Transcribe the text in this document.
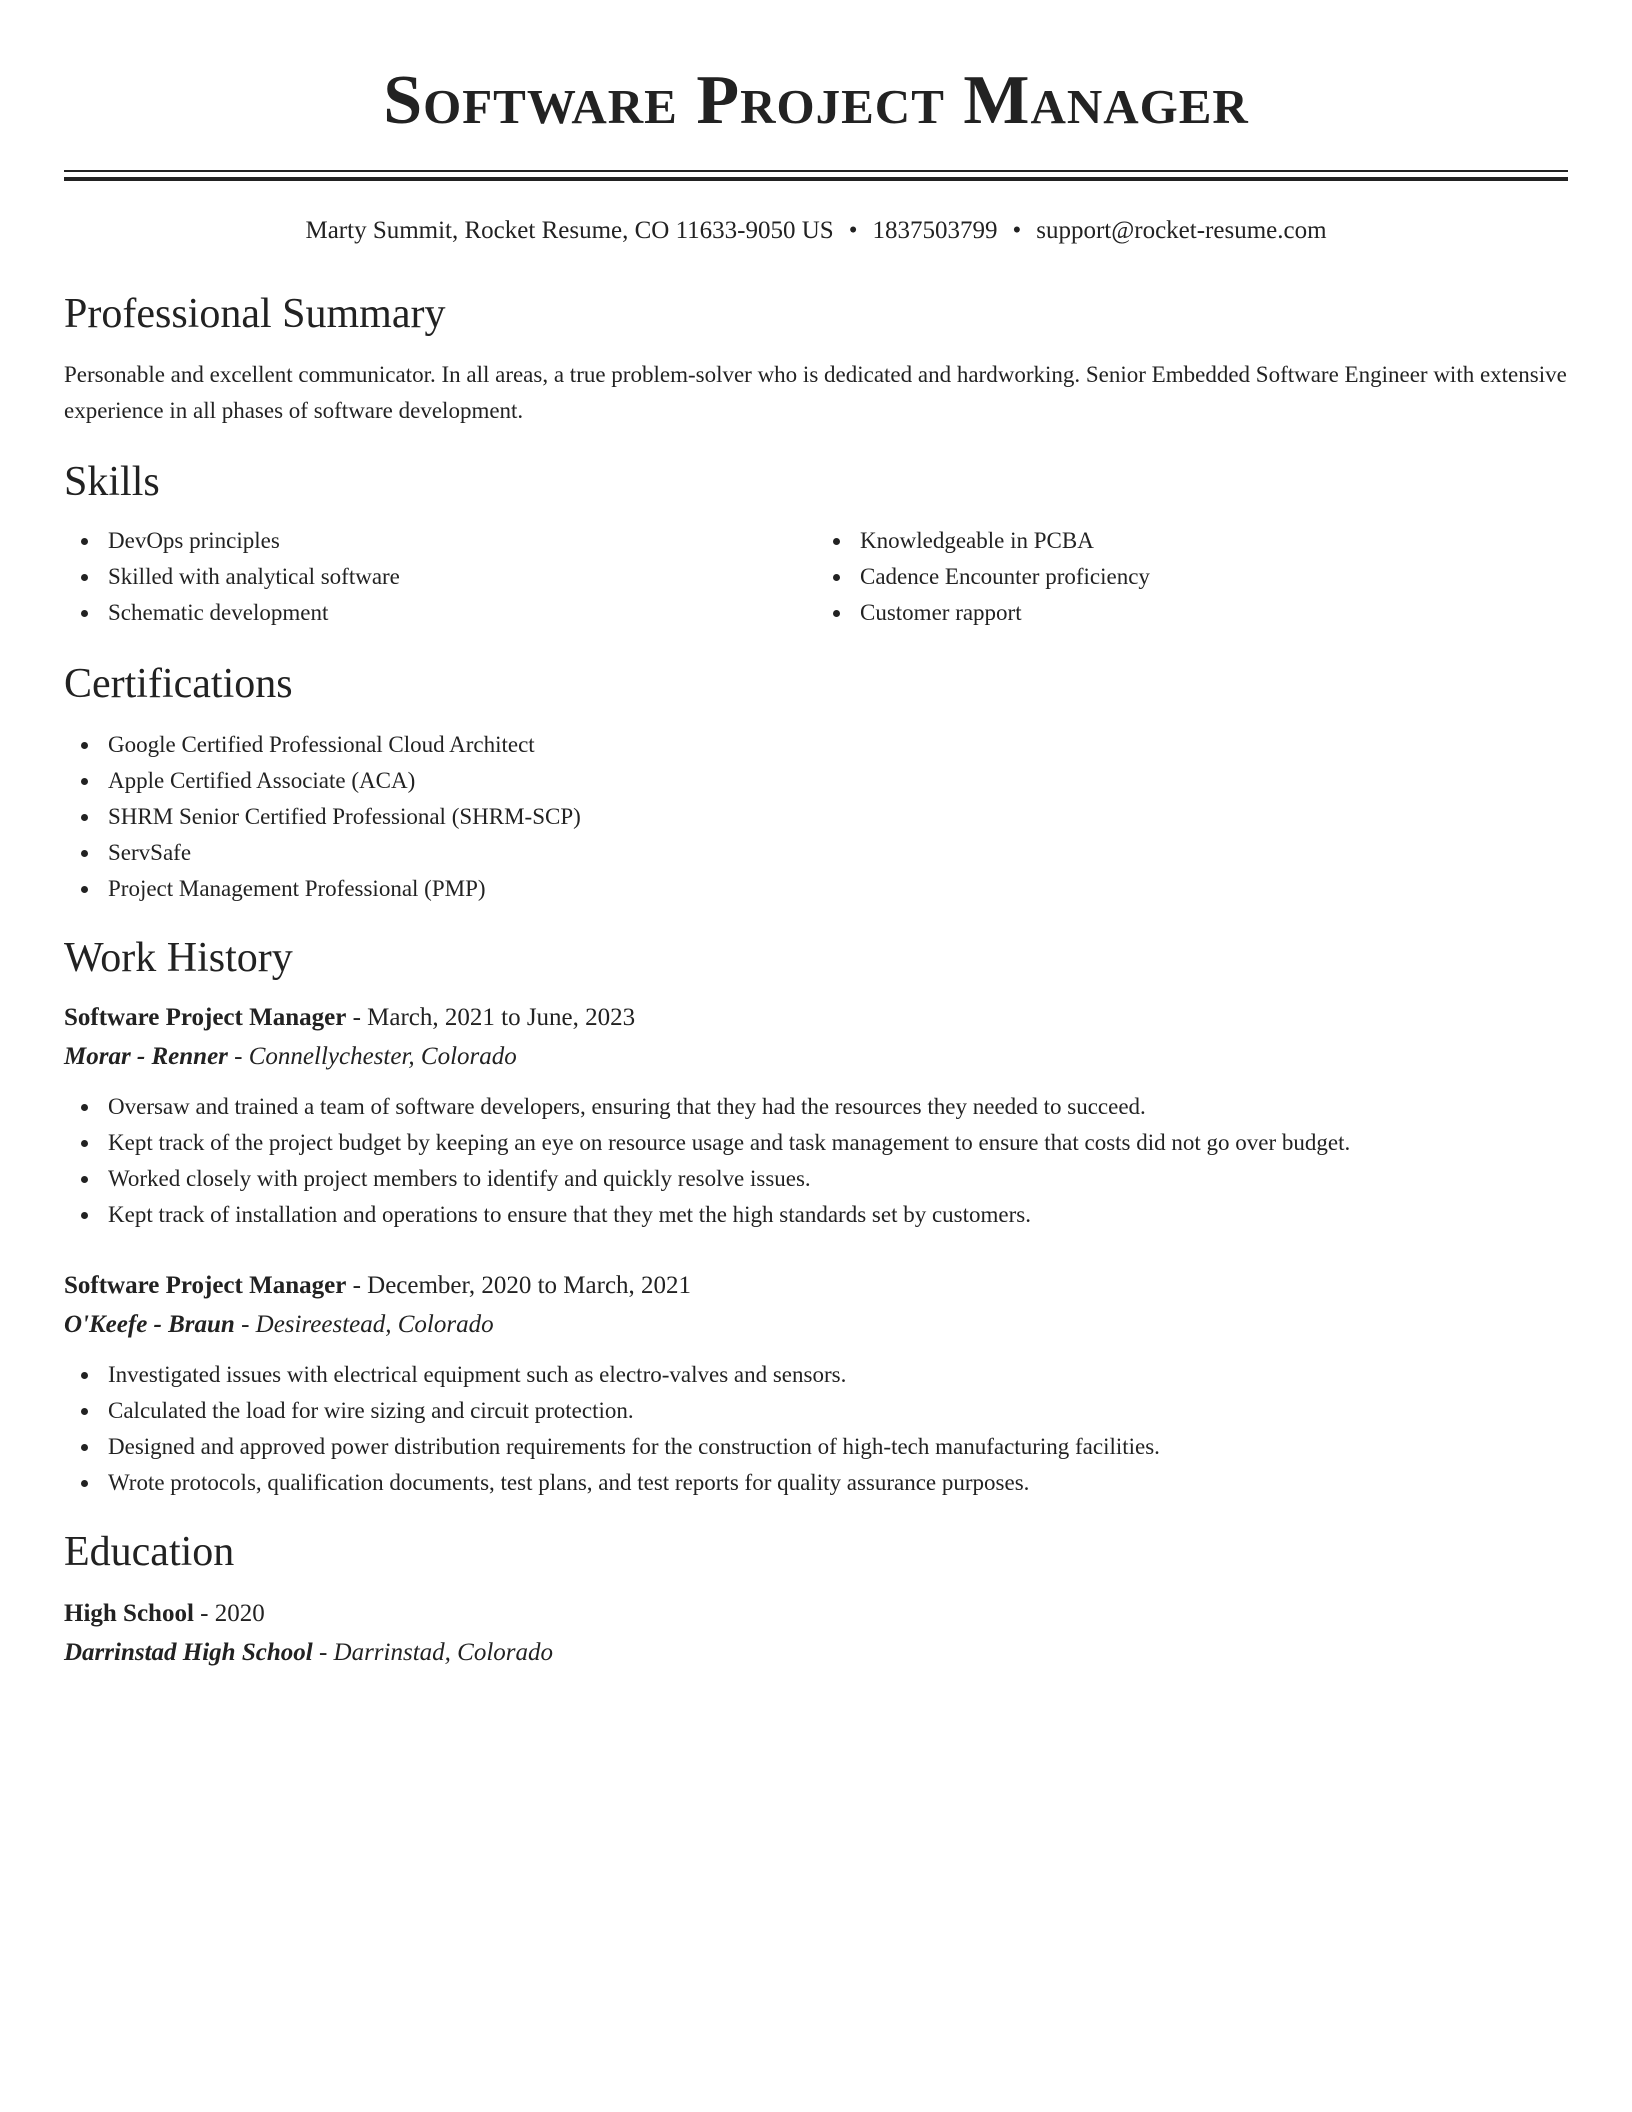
Software Project Manager
Marty Summit, Rocket Resume, CO 11633-9050 US • 1837503799 • support@rocket-resume.com
Professional Summary

Personable and excellent communicator. In all areas, a true problem-solver who is dedicated and hardworking. Senior Embedded Software Engineer with extensive experience in all phases of software development.

Skills
DevOps principles
Skilled with analytical software
Schematic development
Knowledgeable in PCBA
Cadence Encounter proficiency
Customer rapport
Certifications
Google Certified Professional Cloud Architect
Apple Certified Associate (ACA)
SHRM Senior Certified Professional (SHRM-SCP)
ServSafe
Project Management Professional (PMP)
Work History
Software Project Manager - March, 2021 to June, 2023
Morar - Renner - Connellychester, Colorado
Oversaw and trained a team of software developers, ensuring that they had the resources they needed to succeed.
Kept track of the project budget by keeping an eye on resource usage and task management to ensure that costs did not go over budget.
Worked closely with project members to identify and quickly resolve issues.
Kept track of installation and operations to ensure that they met the high standards set by customers.
Software Project Manager - December, 2020 to March, 2021
O'Keefe - Braun - Desireestead, Colorado
Investigated issues with electrical equipment such as electro-valves and sensors.
Calculated the load for wire sizing and circuit protection.
Designed and approved power distribution requirements for the construction of high-tech manufacturing facilities.
Wrote protocols, qualification documents, test plans, and test reports for quality assurance purposes.
Education
High School - 2020
Darrinstad High School - Darrinstad, Colorado
